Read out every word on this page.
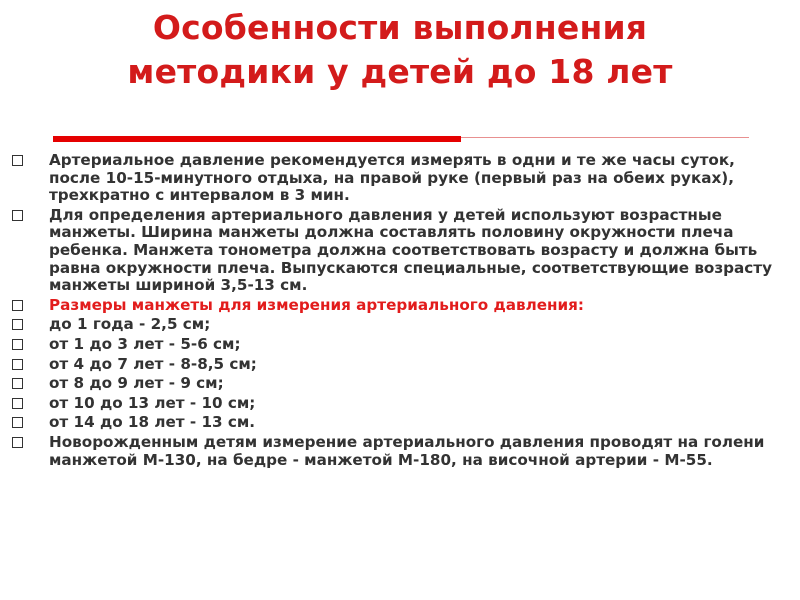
Особенности выполнения
методики у детей до 18 лет
Артериальное давление рекомендуется измерять в одни и те же часы суток, после 10-15-минутного отдыха, на правой руке (первый раз на обеих руках), трехкратно с интервалом в 3 мин.
Для определения артериального давления у детей используют возрастные манжеты. Ширина манжеты должна составлять половину окружности плеча ребенка. Манжета тонометра должна соответствовать возрасту и должна быть равна окружности плеча. Выпускаются специальные, соответствующие возрасту манжеты шириной 3,5-13 см.
Размеры манжеты для измерения артериального давления:
до 1 года - 2,5 см;
от 1 до 3 лет - 5-6 см;
от 4 до 7 лет - 8-8,5 см;
от 8 до 9 лет - 9 см;
от 10 до 13 лет - 10 см;
от 14 до 18 лет - 13 см.
Новорожденным детям измерение артериального давления проводят на голени манжетой М-130, на бедре - манжетой М-180, на височной артерии - М-55.
